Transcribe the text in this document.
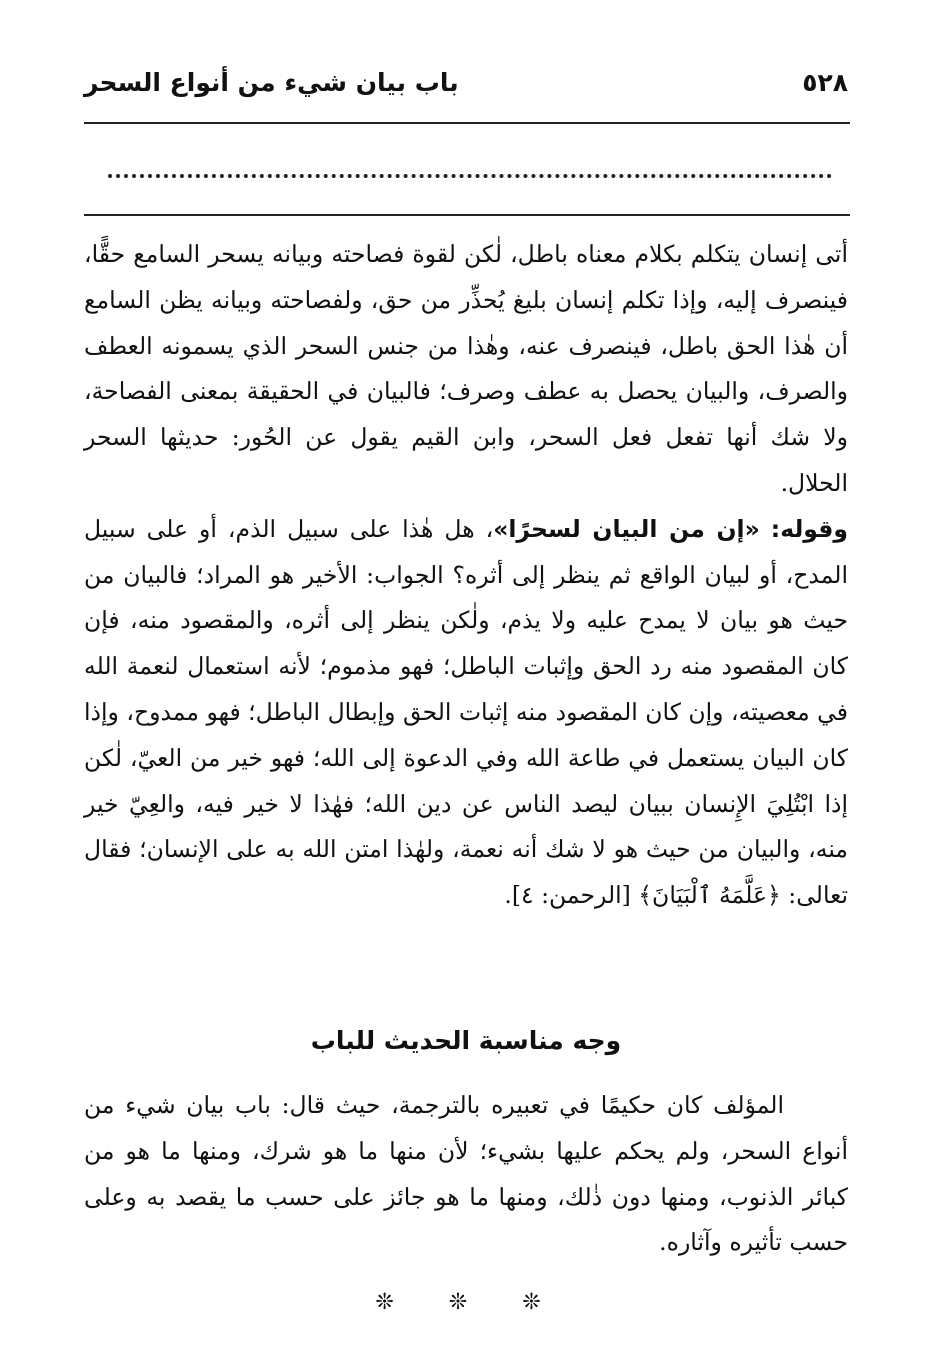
٥٢٨
باب بيان شيء من أنواع السحر

أتى إنسان يتكلم بكلام معناه باطل، لٰكن لقوة فصاحته وبيانه يسحر السامع حقًّا، فينصرف إليه، وإذا تكلم إنسان بليغ يُحذِّر من حق، ولفصاحته وبيانه يظن السامع أن هٰذا الحق باطل، فينصرف عنه، وهٰذا من جنس السحر الذي يسمونه العطف والصرف، والبيان يحصل به عطف وصرف؛ فالبيان في الحقيقة بمعنى الفصاحة، ولا شك أنها تفعل فعل السحر، وابن القيم يقول عن الحُور: حديثها السحر الحلال.

وقوله: «إن من البيان لسحرًا»، هل هٰذا على سبيل الذم، أو على سبيل المدح، أو لبيان الواقع ثم ينظر إلى أثره؟ الجواب: الأخير هو المراد؛ فالبيان من حيث هو بيان لا يمدح عليه ولا يذم، ولٰكن ينظر إلى أثره، والمقصود منه، فإن كان المقصود منه رد الحق وإثبات الباطل؛ فهو مذموم؛ لأنه استعمال لنعمة الله في معصيته، وإن كان المقصود منه إثبات الحق وإبطال الباطل؛ فهو ممدوح، وإذا كان البيان يستعمل في طاعة الله وفي الدعوة إلى الله؛ فهو خير من العيّ، لٰكن إذا ابْتُلِيَ الإِنسان ببيان ليصد الناس عن دين الله؛ فهٰذا لا خير فيه، والعِيّ خير منه، والبيان من حيث هو لا شك أنه نعمة، ولهٰذا امتن الله به على الإنسان؛ فقال تعالى: ﴿عَلَّمَهُ ٱلْبَيَانَ﴾ [الرحمن: ٤].

وجه مناسبة الحديث للباب

المؤلف كان حكيمًا في تعبيره بالترجمة، حيث قال: باب بيان شيء من أنواع السحر، ولم يحكم عليها بشيء؛ لأن منها ما هو شرك، ومنها ما هو من كبائر الذنوب، ومنها دون ذٰلك، ومنها ما هو جائز على حسب ما يقصد به وعلى حسب تأثيره وآثاره.

❊ ❊ ❊
